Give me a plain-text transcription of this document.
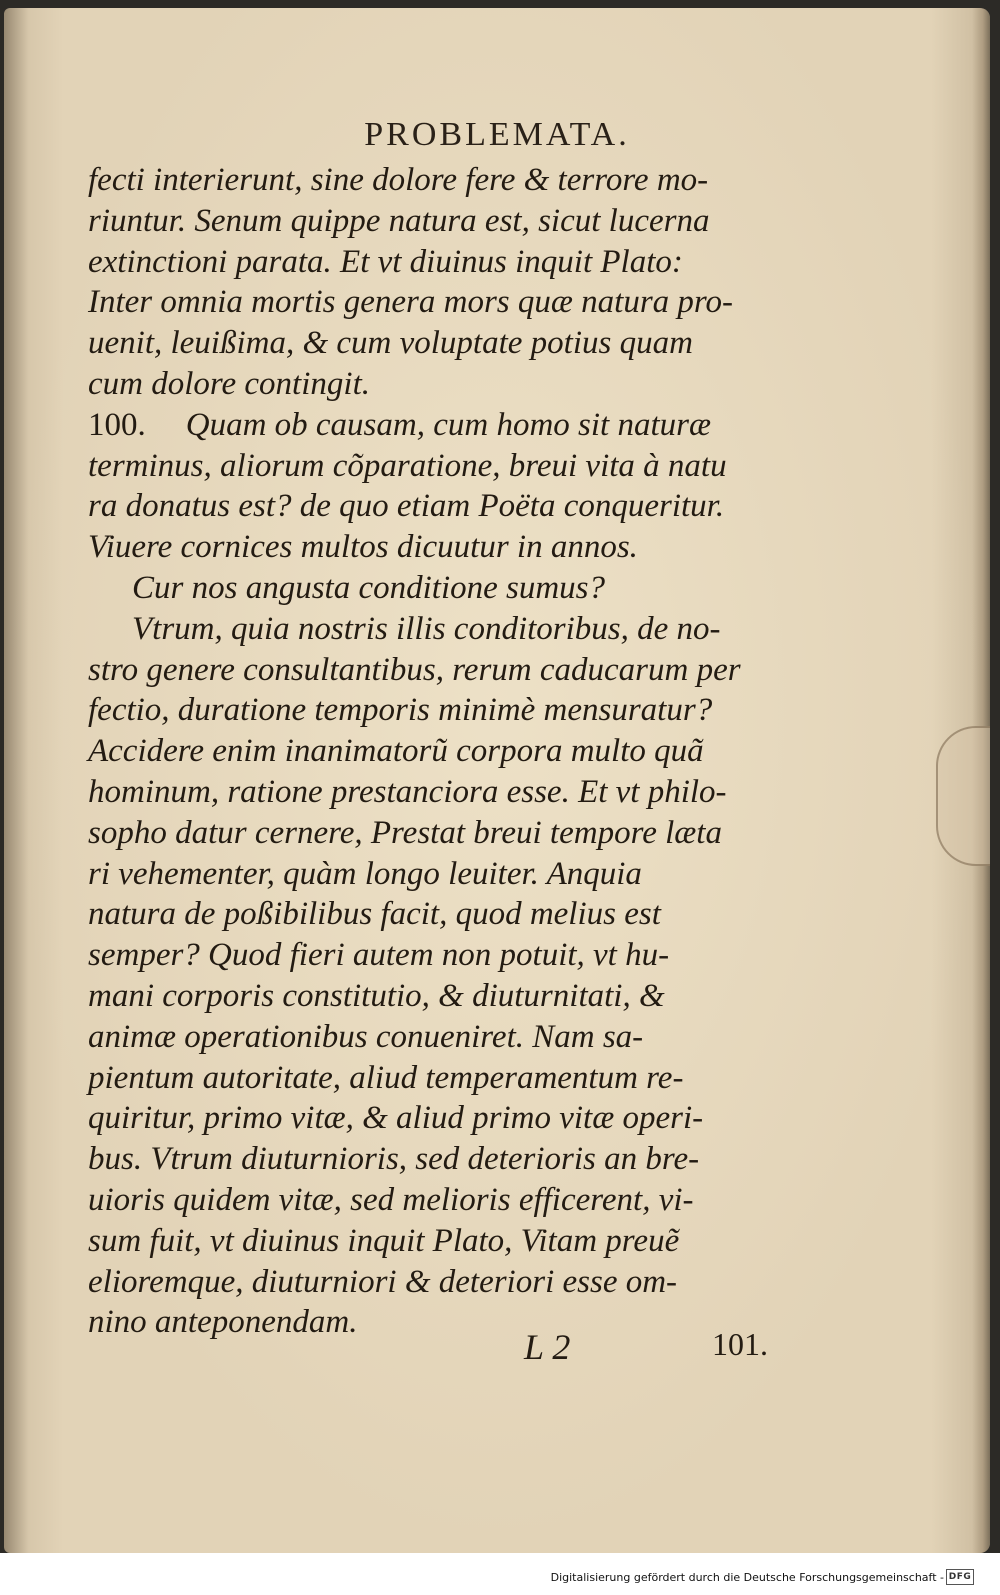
PROBLEMATA.
fecti interierunt, sine dolore fere & terrore mo-
riuntur. Senum quippe natura est, sicut lucerna
extinctioni parata. Et vt diuinus inquit Plato:
Inter omnia mortis genera mors quæ natura pro-
uenit, leuißima, & cum voluptate potius quam
cum dolore contingit.
100. Quam ob causam, cum homo sit naturæ
terminus, aliorum cõparatione, breui vita à natu
ra donatus est? de quo etiam Poëta conqueritur.
Viuere cornices multos dicuutur in annos.
Cur nos angusta conditione sumus?
Vtrum, quia nostris illis conditoribus, de no-
stro genere consultantibus, rerum caducarum per
fectio, duratione temporis minimè mensuratur?
Accidere enim inanimatorũ corpora multo quã
hominum, ratione prestanciora esse. Et vt philo-
sopho datur cernere, Prestat breui tempore læta
ri vehementer, quàm longo leuiter. Anquia
natura de poßibilibus facit, quod melius est
semper? Quod fieri autem non potuit, vt hu-
mani corporis constitutio, & diuturnitati, &
animæ operationibus conueniret. Nam sa-
pientum autoritate, aliud temperamentum re-
quiritur, primo vitæ, & aliud primo vitæ operi-
bus. Vtrum diuturnioris, sed deterioris an bre-
uioris quidem vitæ, sed melioris efficerent, vi-
sum fuit, vt diuinus inquit Plato, Vitam preuẽ
elioremque, diuturniori & deteriori esse om-
nino anteponendam.
L 2	101.
Digitalisierung gefördert durch die Deutsche Forschungsgemeinschaft - DFG
